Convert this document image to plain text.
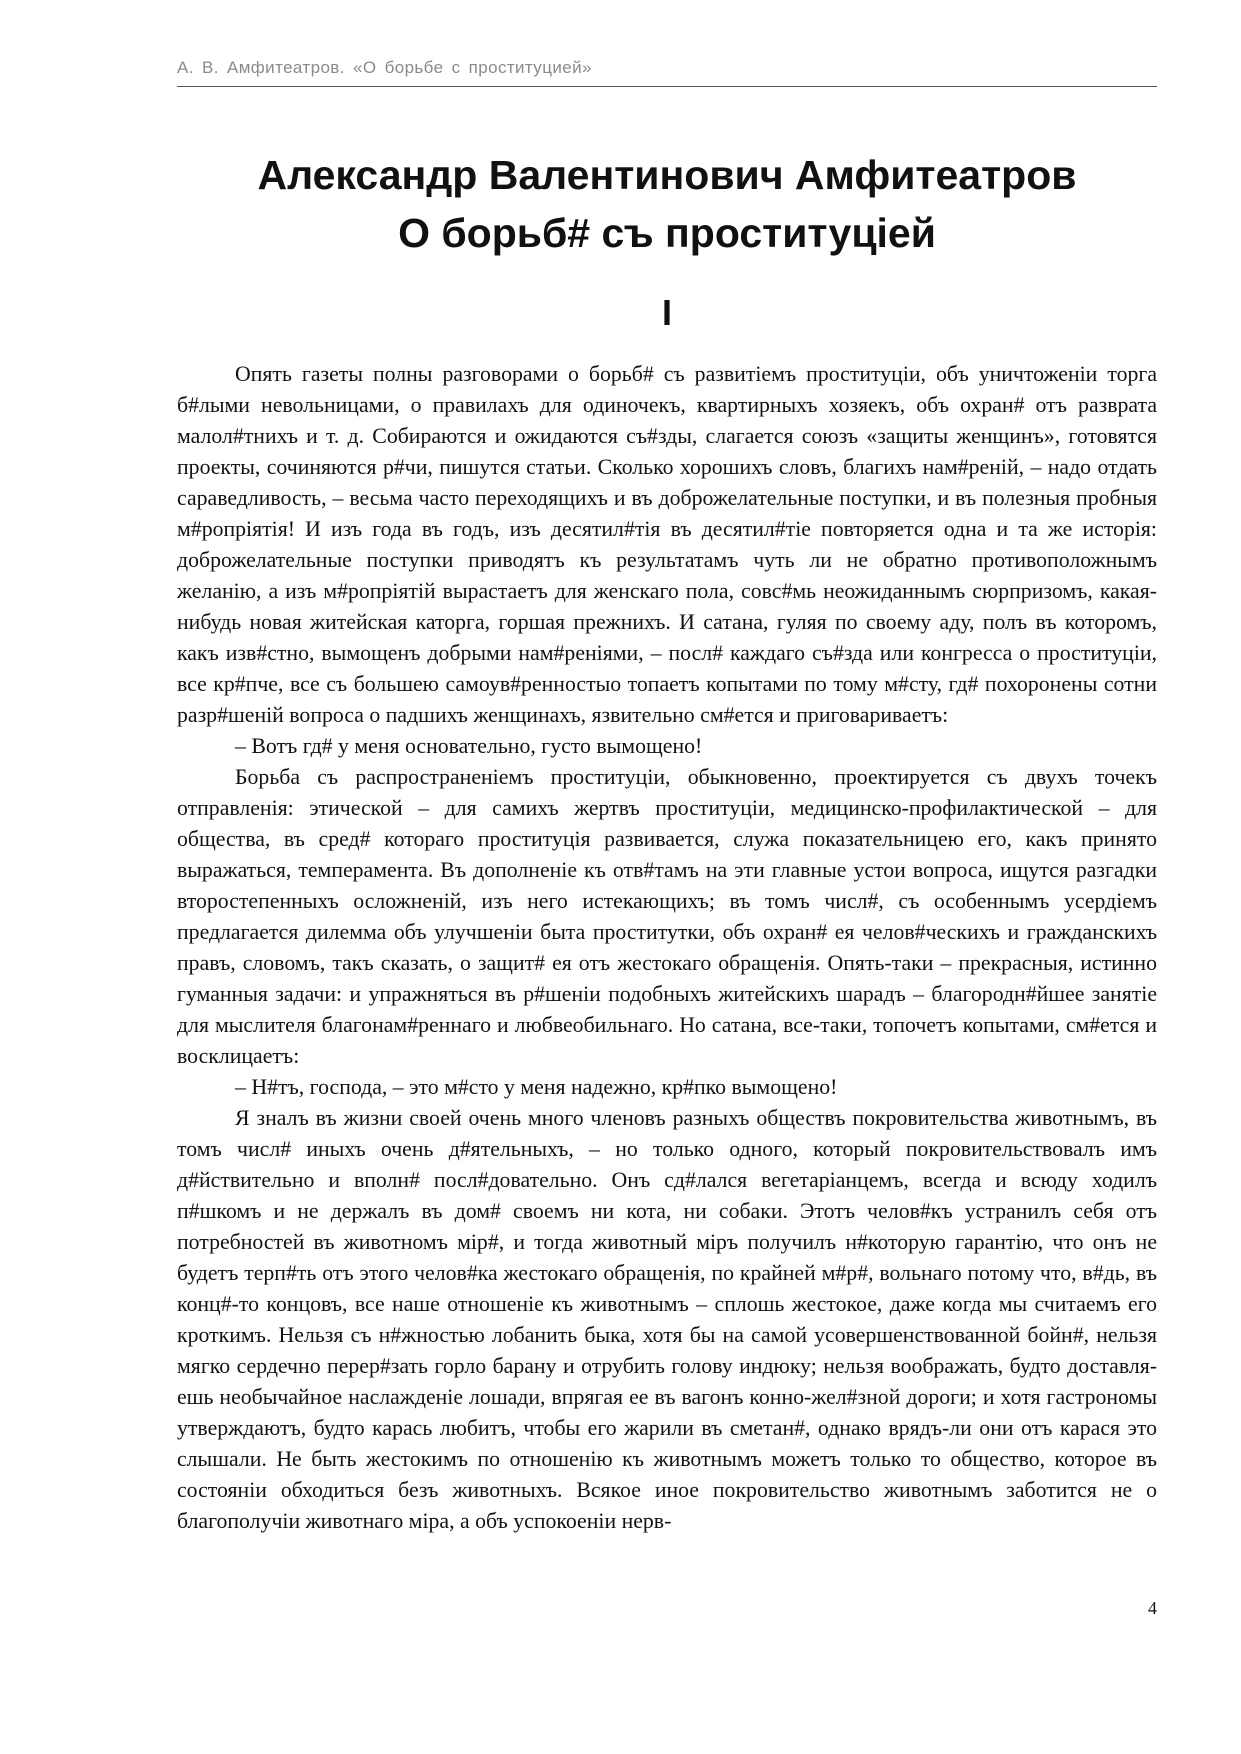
А. В. Амфитеатров. «О борьбе с проституцией»
Александр Валентинович Амфитеатров
О борьб# съ проституціей
I

Опять газеты полны разговорами о борьб# съ развитіемъ проституціи, объ уничтоженіи торга б#лыми невольницами, о правилахъ для одиночекъ, квартирныхъ хозяекъ, объ охран# отъ разврата малол#тнихъ и т. д. Собираются и ожидаются съ#зды, слагается союзъ «защиты женщинъ», готовятся проекты, сочиняются р#чи, пишутся статьи. Сколько хорошихъ словъ, благихъ нам#реній, – надо отдать сараведливость, – весьма часто переходящихъ и въ доброжелательные поступки, и въ полезныя пробныя м#ропріятія! И изъ года въ годъ, изъ десятил#тія въ десятил#тіе повторяется одна и та же исторія: доброжелательные поступки приводятъ къ результатамъ чуть ли не обратно противоположнымъ желанію, а изъ м#ропріятій вырастаетъ для женскаго пола, совс#мь неожиданнымъ сюрпризомъ, какая-нибудь новая житейская каторга, горшая прежнихъ. И сатана, гуляя по своему аду, полъ въ которомъ, какъ изв#стно, вымощенъ добрыми нам#реніями, – посл# каждаго съ#зда или конгресса о проституціи, все кр#пче, все съ большею самоув#ренностыо топаетъ копытами по тому м#сту, гд# похоронены сотни разр#шеній вопроса о падшихъ женщинахъ, язвительно см#ется и приговариваетъ:

– Вотъ гд# у меня основательно, густо вымощено!

Борьба съ распространеніемъ проституціи, обыкновенно, проектируется съ двухъ точекъ отправленія: этической – для самихъ жертвъ проституціи, медицинско-профилактической – для общества, въ сред# котораго проституція развивается, служа показательницею его, какъ принято выражаться, темперамента. Въ дополненіе къ отв#тамъ на эти главные устои вопроса, ищутся разгадки второстепенныхъ осложненій, изъ него истекающихъ; въ томъ числ#, съ особеннымъ усердіемъ предлагается дилемма объ улучшеніи быта проститутки, объ охран# ея челов#ческихъ и гражданскихъ правъ, словомъ, такъ сказать, о защит# ея отъ жестокаго обращенія. Опять-таки – прекрасныя, истинно гуманныя задачи: и упражняться въ р#шеніи подобныхъ житейскихъ шарадъ – благородн#йшее занятіе для мыслителя благонам#реннаго и любвеобильнаго. Но сатана, все-таки, топочетъ копытами, см#ется и восклицаетъ:

– Н#тъ, господа, – это м#сто у меня надежно, кр#пко вымощено!

Я зналъ въ жизни своей очень много членовъ разныхъ обществъ покровительства животнымъ, въ томъ числ# иныхъ очень д#ятельныхъ, – но только одного, который покровительствовалъ имъ д#йствительно и вполн# посл#довательно. Онъ сд#лался вегетаріанцемъ, всегда и всюду ходилъ п#шкомъ и не держалъ въ дом# своемъ ни кота, ни собаки. Этотъ челов#къ устранилъ себя отъ потребностей въ животномъ мір#, и тогда животный міръ получилъ н#которую гарантію, что онъ не будетъ терп#ть отъ этого челов#ка жестокаго обращенія, по крайней м#р#, вольнаго потому что, в#дь, въ конц#-то концовъ, все наше отношеніе къ животнымъ – сплошь жестокое, даже когда мы считаемъ его кроткимъ. Нельзя съ н#жностью лобанить быка, хотя бы на самой усовершенствованной бойн#, нельзя мягко сердечно перер#зать горло барану и отрубить голову индюку; нельзя воображать, будто доставляешь необычайное наслажденіе лошади, впрягая ее въ вагонъ конно-жел#зной дороги; и хотя гастрономы утверждаютъ, будто карась любитъ, чтобы его жарили въ сметан#, однако врядъ-ли они отъ карася это слышали. Не быть жестокимъ по отношенію къ животнымъ можетъ только то общество, которое въ состояніи обходиться безъ животныхъ. Всякое иное покровительство животнымъ заботится не о благополучіи животнаго міра, а объ успокоеніи нерв-

4
